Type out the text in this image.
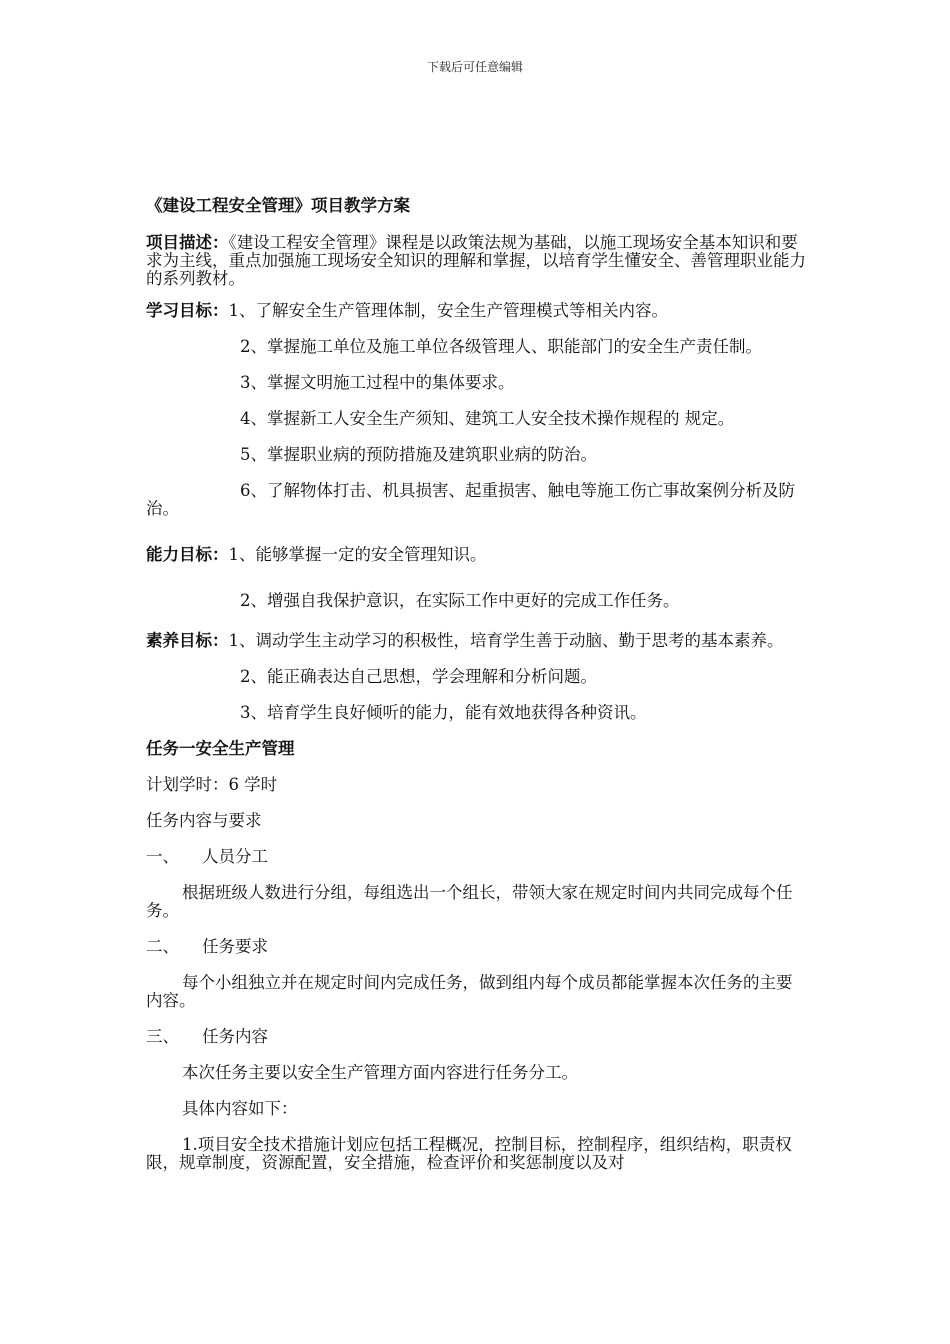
下载后可任意编辑

《建设工程安全管理》项目教学方案

项目描述：《建设工程安全管理》课程是以政策法规为基础，以施工现场安全基本知识和要求为主线，重点加强施工现场安全知识的理解和掌握，以培育学生懂安全、善管理职业能力的系列教材。

学习目标：1、了解安全生产管理体制，安全生产管理模式等相关内容。

2、掌握施工单位及施工单位各级管理人、职能部门的安全生产责任制。

3、掌握文明施工过程中的集体要求。

4、掌握新工人安全生产须知、建筑工人安全技术操作规程的 规定。

5、掌握职业病的预防措施及建筑职业病的防治。

6、了解物体打击、机具损害、起重损害、触电等施工伤亡事故案例分析及防治。

能力目标：1、能够掌握一定的安全管理知识。

2、增强自我保护意识，在实际工作中更好的完成工作任务。

素养目标：1、调动学生主动学习的积极性，培育学生善于动脑、勤于思考的基本素养。

2、能正确表达自己思想，学会理解和分析问题。

3、培育学生良好倾听的能力，能有效地获得各种资讯。

任务一安全生产管理

计划学时：6 学时

任务内容与要求

一、 人员分工

根据班级人数进行分组，每组选出一个组长，带领大家在规定时间内共同完成每个任务。

二、 任务要求

每个小组独立并在规定时间内完成任务，做到组内每个成员都能掌握本次任务的主要内容。

三、 任务内容

本次任务主要以安全生产管理方面内容进行任务分工。

具体内容如下：

1.项目安全技术措施计划应包括工程概况，控制目标，控制程序，组织结构，职责权限，规章制度，资源配置，安全措施，检查评价和奖惩制度以及对
